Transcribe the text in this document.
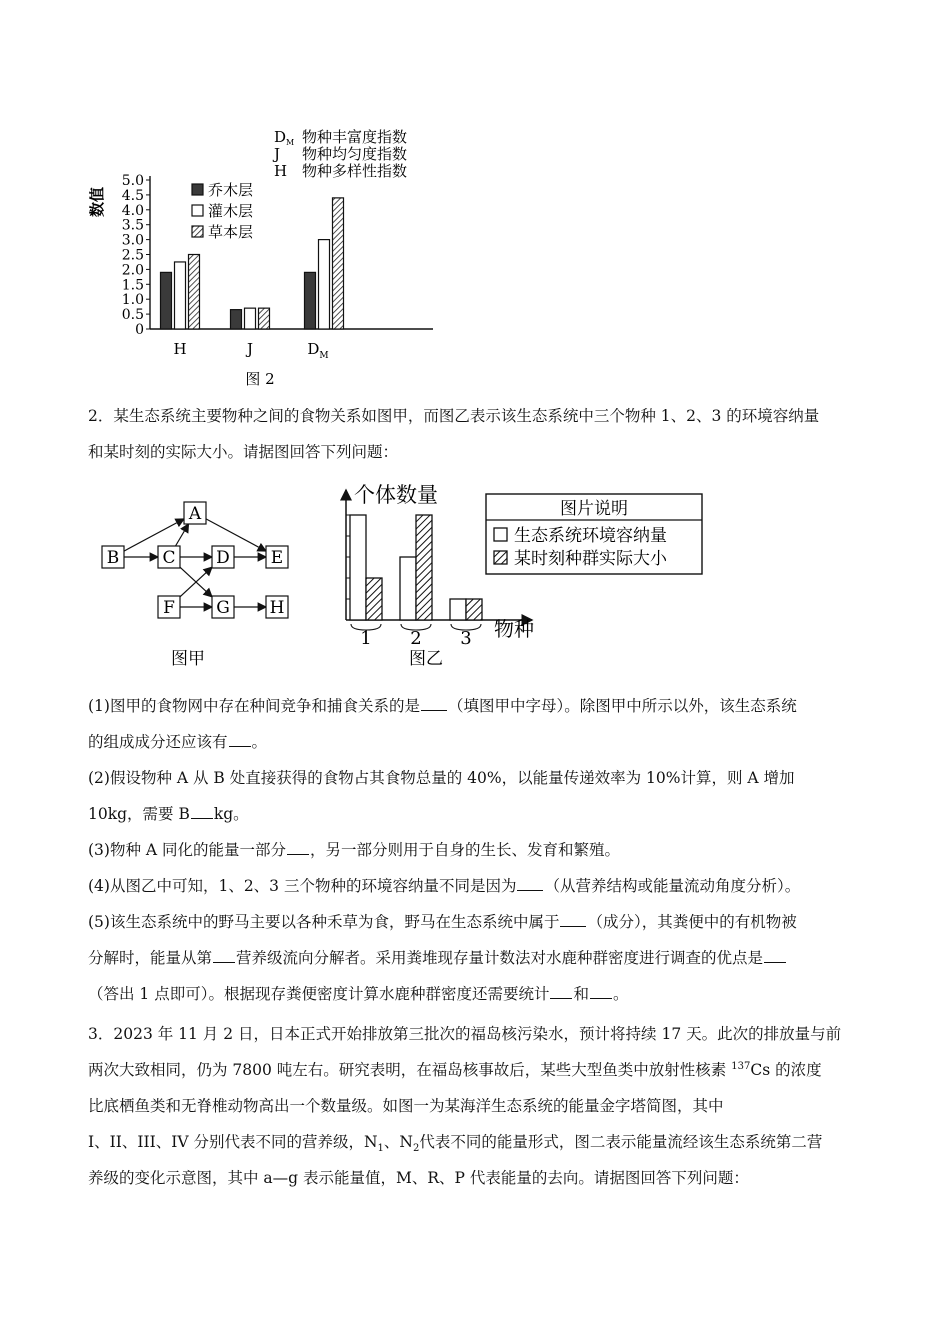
5.0
4.5
4.0
3.5
3.0
2.5
2.0
1.5
1.0
0.5
0
数值
H	J	$D_M$
乔木层
灌木层
草本层
$D_M$ 物种丰富度指数
J 物种均匀度指数
H 物种多样性指数
图 2

2．某生态系统主要物种之间的食物关系如图甲，而图乙表示该生态系统中三个物种 1、2、3 的环境容纳量
和某时刻的实际大小。请据图回答下列问题：

A
B	C D E
F G H
图甲
个体数量
1 2 3 物种
图乙
图片说明
生态系统环境容纳量
某时刻种群实际大小

(1)图甲的食物网中存在种间竞争和捕食关系的是 （填图甲中字母）。除图甲中所示以外，该生态系统
的组成成分还应该有 。
(2)假设物种 A 从 B 处直接获得的食物占其食物总量的 40%，以能量传递效率为 10%计算，则 A 增加
10kg，需要 B kg。
(3)物种 A 同化的能量一部分 ，另一部分则用于自身的生长、发育和繁殖。
(4)从图乙中可知，1、2、3 三个物种的环境容纳量不同是因为 （从营养结构或能量流动角度分析）。
(5)该生态系统中的野马主要以各种禾草为食，野马在生态系统中属于 （成分），其粪便中的有机物被
分解时，能量从第 营养级流向分解者。采用粪堆现存量计数法对水鹿种群密度进行调查的优点是
（答出 1 点即可）。根据现存粪便密度计算水鹿种群密度还需要统计 和 。

3．2023 年 11 月 2 日，日本正式开始排放第三批次的福岛核污染水，预计将持续 17 天。此次的排放量与前
两次大致相同，仍为 7800 吨左右。研究表明，在福岛核事故后，某些大型鱼类中放射性核素 $^{137}$Cs 的浓度
比底栖鱼类和无脊椎动物高出一个数量级。如图一为某海洋生态系统的能量金字塔简图，其中
I、II、III、IV 分别代表不同的营养级，$N_1$、$N_2$代表不同的能量形式，图二表示能量流经该生态系统第二营
养级的变化示意图，其中 a—g 表示能量值，M、R、P 代表能量的去向。请据图回答下列问题：
